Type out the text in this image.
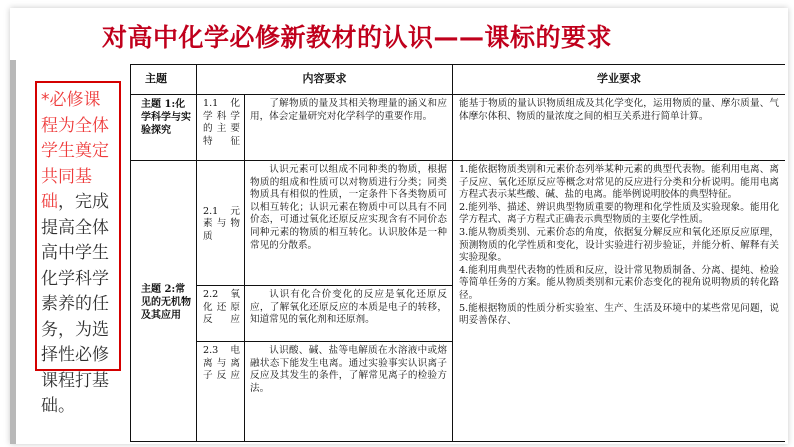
对高中化学必修新教材的认识——课标的要求
*必修课程为全体学生奠定共同基础，完成提高全体高中学生化学科学素养的任务，为选择性必修课程打基础。
主题	内容要求		学业要求
主题 1:化学科学与实验探究	1.1 化学科学的主要特征	了解物质的量及其相关物理量的涵义和应用，体会定量研究对化学科学的重要作用。	能基于物质的量认识物质组成及其化学变化，运用物质的量、摩尔质量、气体摩尔体积、物质的量浓度之间的相互关系进行简单计算。
主题 2:常见的无机物及其应用	2.1 元素与物质	认识元素可以组成不同种类的物质，根据物质的组成和性质可以对物质进行分类；同类物质具有相似的性质，一定条件下各类物质可以相互转化；认识元素在物质中可以具有不同价态，可通过氧化还原反应实现含有不同价态同种元素的物质的相互转化。认识胶体是一种常见的分散系。	1.能依据物质类别和元素价态列举某种元素的典型代表物。能利用电离、离子反应、氧化还原反应等概念对常见的反应进行分类和分析说明。能用电离方程式表示某些酸、碱、盐的电离。能举例说明胶体的典型特征。
2.能列举、描述、辨识典型物质重要的物理和化学性质及实验现象。能用化学方程式、离子方程式正确表示典型物质的主要化学性质。
3.能从物质类别、元素价态的角度，依据复分解反应和氧化还原反应原理，预测物质的化学性质和变化，设计实验进行初步验证，并能分析、解释有关实验现象。
4.能利用典型代表物的性质和反应，设计常见物质制备、分离、提纯、检验等简单任务的方案。能从物质类别和元素价态变化的视角说明物质的转化路径。
5.能根据物质的性质分析实验室、生产、生活及环境中的某些常见问题，说明妥善保存、

	2.2 氧化还原反应	认识有化合价变化的反应是氧化还原反应，了解氧化还原反应的本质是电子的转移，知道常见的氧化剂和还原剂。	
	2.3 电离与离子反应	认识酸、碱、盐等电解质在水溶液中或熔融状态下能发生电离。通过实验事实认识离子反应及其发生的条件，了解常见离子的检验方法。	
